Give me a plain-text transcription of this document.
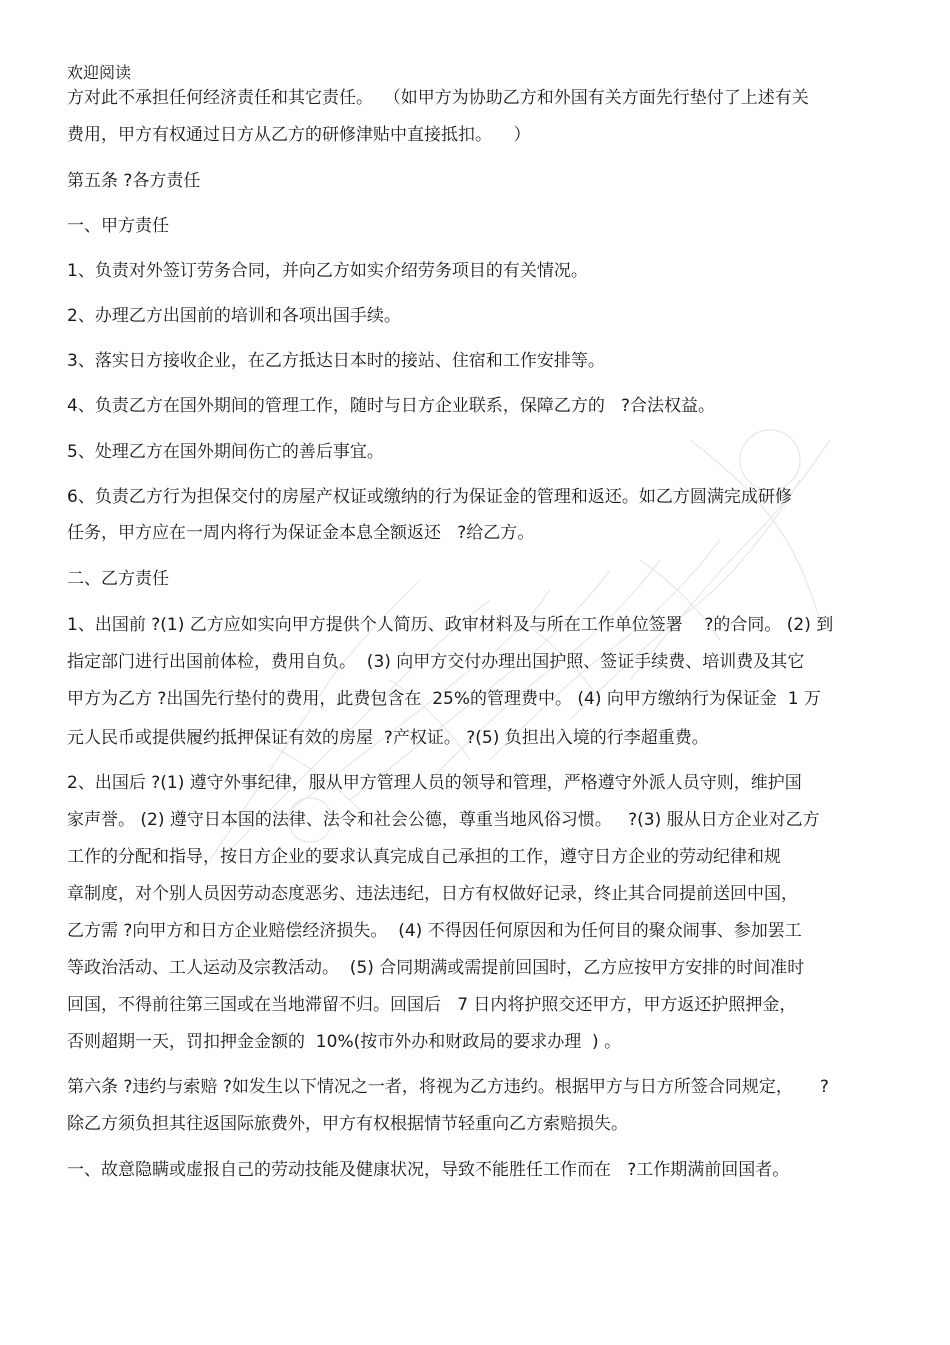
欢迎阅读
方对此不承担任何经济责任和其它责任。  （如甲方为协助乙方和外国有关方面先行垫付了上述有关
费用，甲方有权通过日方从乙方的研修津贴中直接抵扣。    ）
第五条 ?各方责任
一、甲方责任
1、负责对外签订劳务合同，并向乙方如实介绍劳务项目的有关情况。
2、办理乙方出国前的培训和各项出国手续。
3、落实日方接收企业，在乙方抵达日本时的接站、住宿和工作安排等。
4、负责乙方在国外期间的管理工作，随时与日方企业联系，保障乙方的   ?合法权益。
5、处理乙方在国外期间伤亡的善后事宜。
6、负责乙方行为担保交付的房屋产权证或缴纳的行为保证金的管理和返还。如乙方圆满完成研修
任务，甲方应在一周内将行为保证金本息全额返还   ?给乙方。
二、乙方责任
1、出国前 ?(1) 乙方应如实向甲方提供个人简历、政审材料及与所在工作单位签署    ?的合同。 (2) 到
指定部门进行出国前体检，费用自负。  (3) 向甲方交付办理出国护照、签证手续费、培训费及其它
甲方为乙方 ?出国先行垫付的费用，此费包含在  25%的管理费中。 (4) 向甲方缴纳行为保证金  1 万
元人民币或提供履约抵押保证有效的房屋  ?产权证。 ?(5) 负担出入境的行李超重费。
2、出国后 ?(1) 遵守外事纪律，服从甲方管理人员的领导和管理，严格遵守外派人员守则，维护国
家声誉。 (2) 遵守日本国的法律、法令和社会公德，尊重当地风俗习惯。   ?(3) 服从日方企业对乙方
工作的分配和指导，按日方企业的要求认真完成自己承担的工作，遵守日方企业的劳动纪律和规
章制度，对个别人员因劳动态度恶劣、违法违纪，日方有权做好记录，终止其合同提前送回中国，
乙方需 ?向甲方和日方企业赔偿经济损失。  (4) 不得因任何原因和为任何目的聚众闹事、参加罢工
等政治活动、工人运动及宗教活动。  (5) 合同期满或需提前回国时，乙方应按甲方安排的时间准时
回国，不得前往第三国或在当地滞留不归。回国后   7 日内将护照交还甲方，甲方返还护照押金，
否则超期一天，罚扣押金金额的  10%(按市外办和财政局的要求办理  ) 。
第六条 ?违约与索赔 ?如发生以下情况之一者，将视为乙方违约。根据甲方与日方所签合同规定，     ?
除乙方须负担其往返国际旅费外，甲方有权根据情节轻重向乙方索赔损失。
一、故意隐瞒或虚报自己的劳动技能及健康状况，导致不能胜任工作而在   ?工作期满前回国者。
